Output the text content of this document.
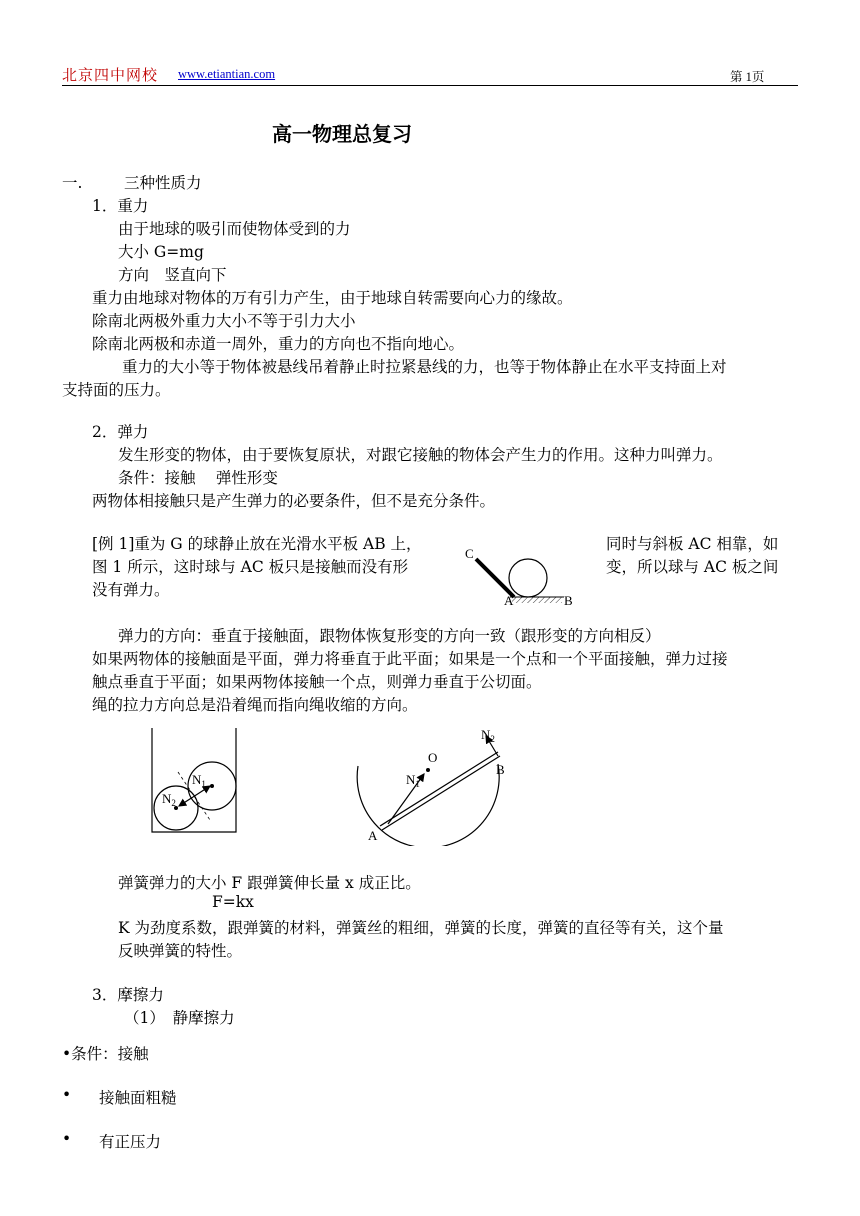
北京四中网校 www.etiantian.com	第 1页
高一物理总复习
一.	三种性质力
1．重力
由于地球的吸引而使物体受到的力
大小 G=mg
方向　竖直向下
重力由地球对物体的万有引力产生，由于地球自转需要向心力的缘故。
除南北两极外重力大小不等于引力大小
除南北两极和赤道一周外，重力的方向也不指向地心。
重力的大小等于物体被悬线吊着静止时拉紧悬线的力，也等于物体静止在水平支持面上对
支持面的压力。
2．弹力
发生形变的物体，由于要恢复原状，对跟它接触的物体会产生力的作用。这种力叫弹力。
条件：接触　 弹性形变
两物体相接触只是产生弹力的必要条件，但不是充分条件。
[例 1]重为 G 的球静止放在光滑水平板 AB 上，	同时与斜板 AC 相靠，如
图 1 所示，这时球与 AC 板只是接触而没有形	变，所以球与 AC 板之间
没有弹力。
C
A	B
弹力的方向：垂直于接触面，跟物体恢复形变的方向一致（跟形变的方向相反）
如果两物体的接触面是平面，弹力将垂直于此平面；如果是一个点和一个平面接触，弹力过接
触点垂直于平面；如果两物体接触一个点，则弹力垂直于公切面。
绳的拉力方向总是沿着绳而指向绳收缩的方向。
$N_1$
$N_2$
$N_2$
$N_1$
O
A
B
弹簧弹力的大小 F 跟弹簧伸长量 x 成正比。
F=kx
K 为劲度系数，跟弹簧的材料，弹簧丝的粗细，弹簧的长度，弹簧的直径等有关，这个量
反映弹簧的特性。
3．摩擦力
（1）　静摩擦力
•条件：接触
• 接触面粗糙
• 有正压力
